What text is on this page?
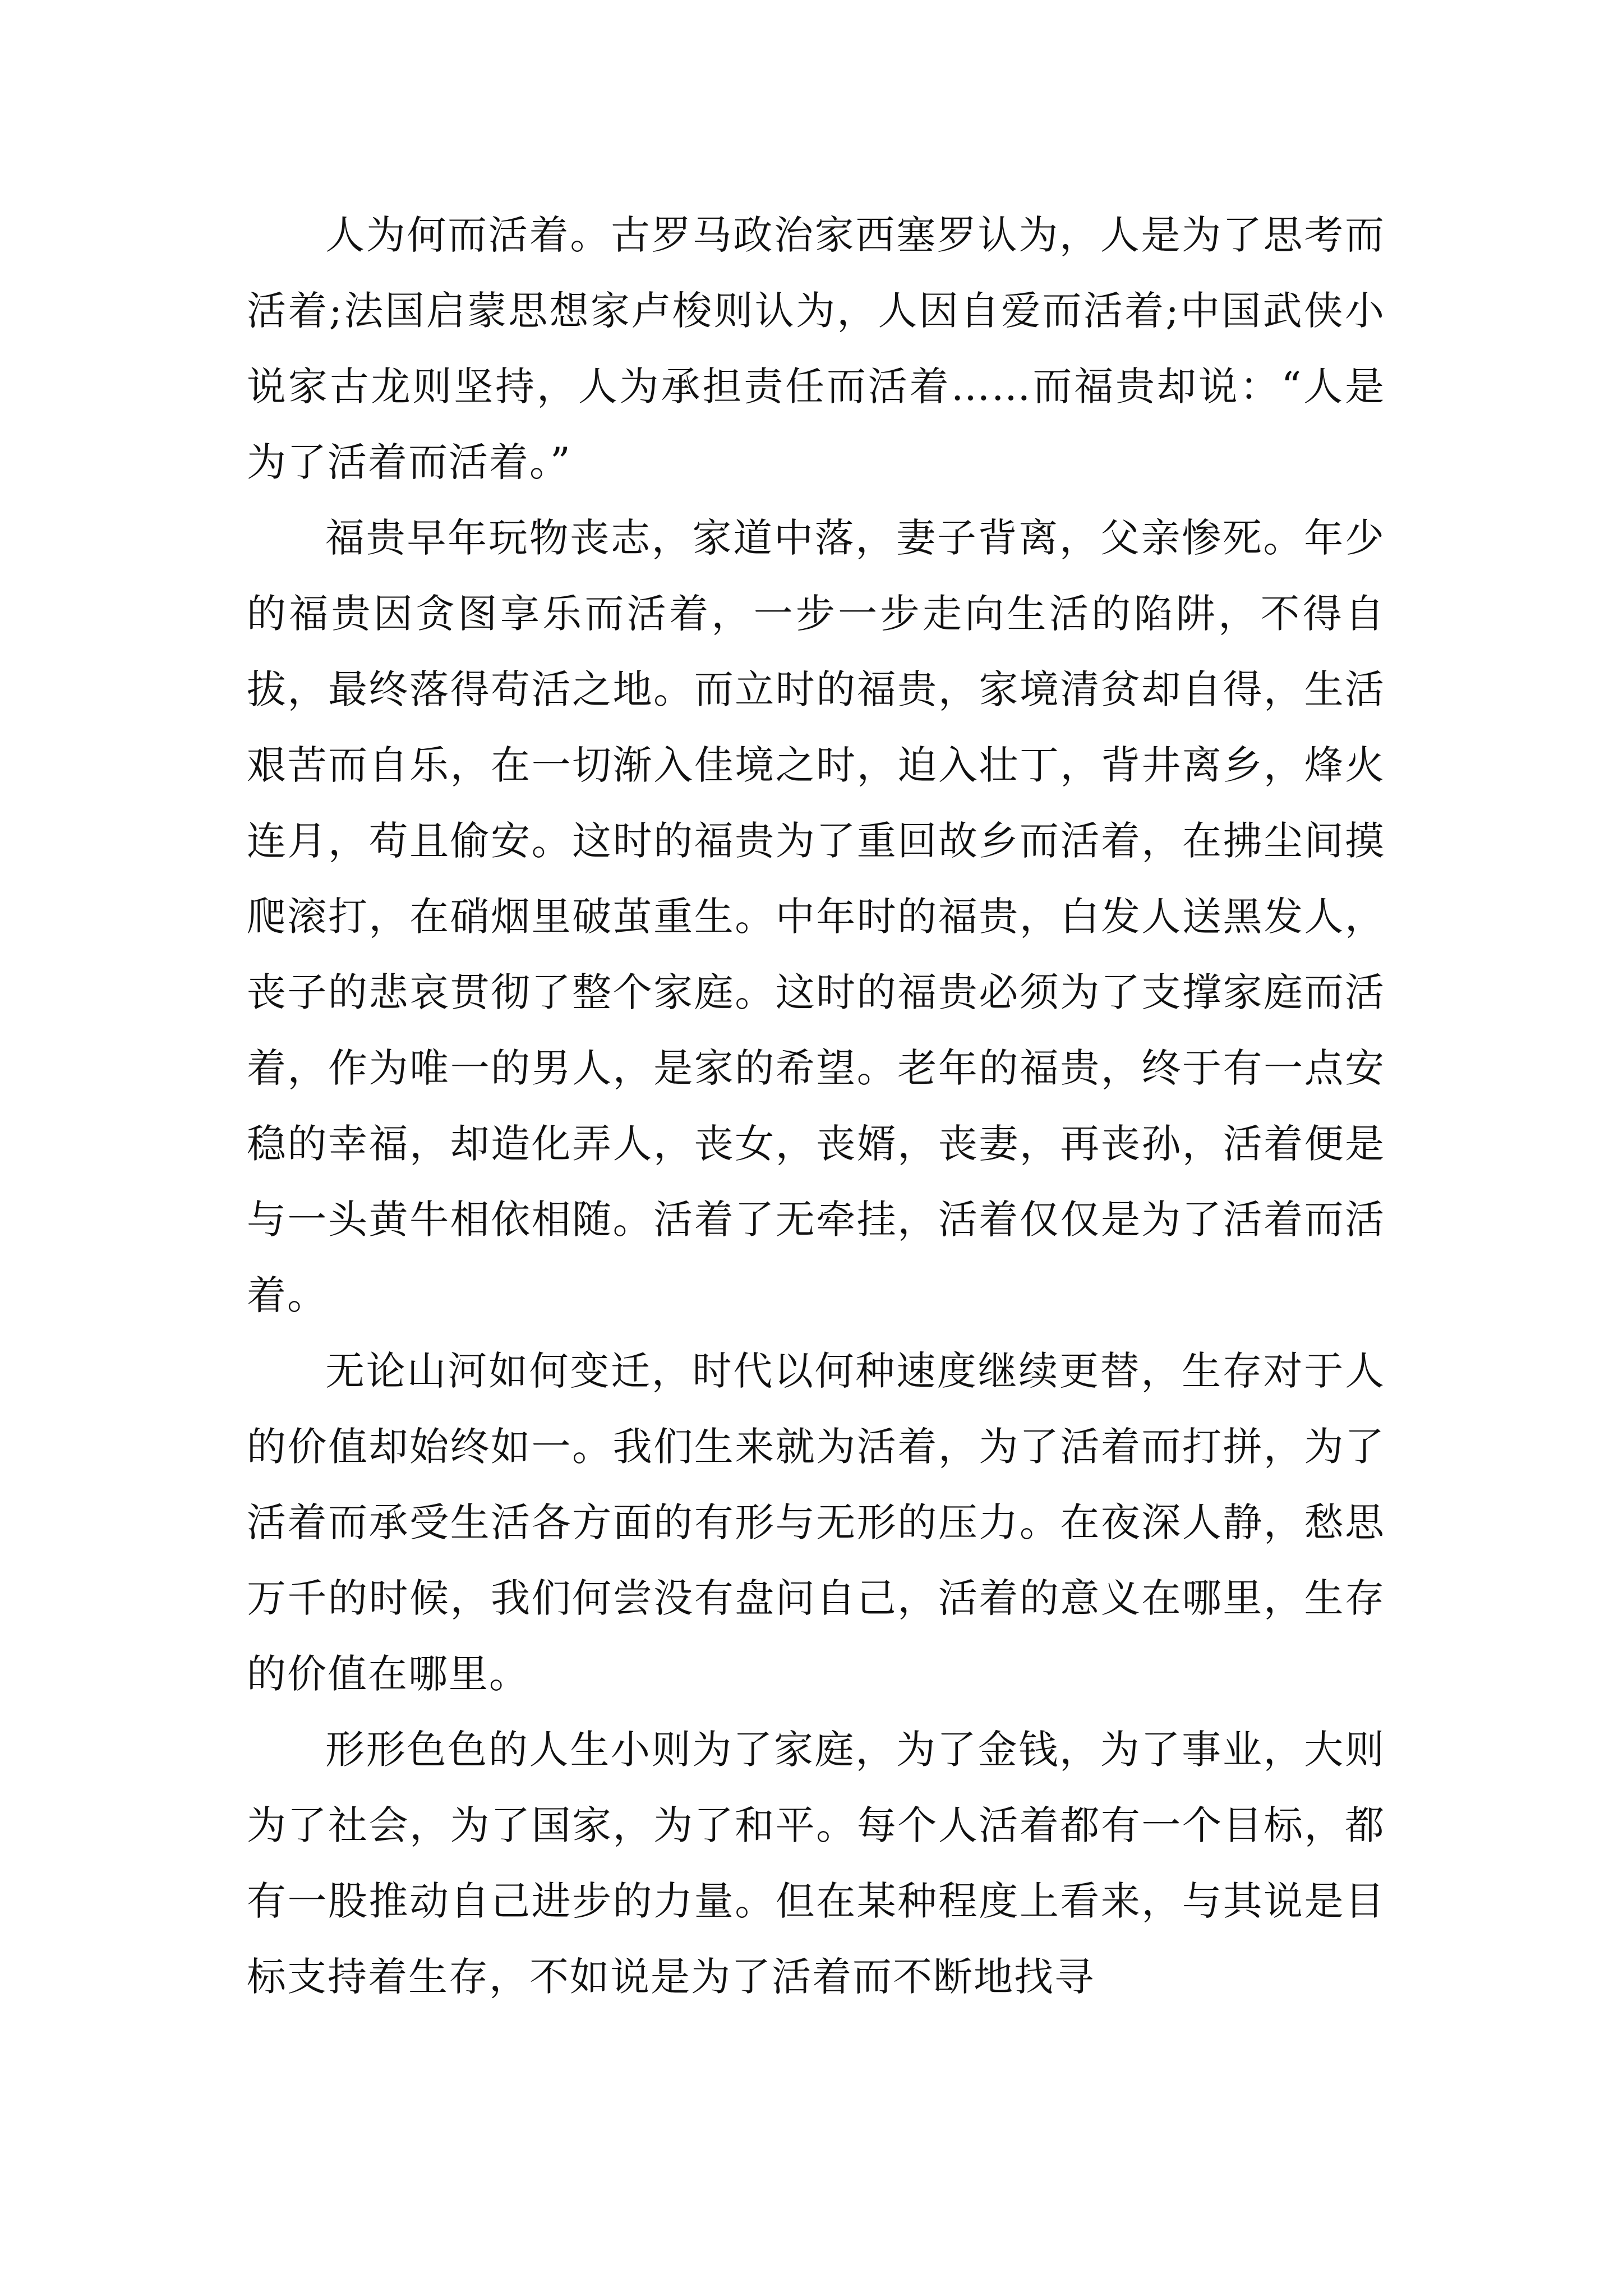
人为何而活着。古罗马政治家西塞罗认为，人是为了思考而活着;法国启蒙思想家卢梭则认为，人因自爱而活着;中国武侠小说家古龙则坚持，人为承担责任而活着……而福贵却说：“人是为了活着而活着。”

福贵早年玩物丧志，家道中落，妻子背离，父亲惨死。年少的福贵因贪图享乐而活着，一步一步走向生活的陷阱，不得自拔，最终落得苟活之地。而立时的福贵，家境清贫却自得，生活艰苦而自乐，在一切渐入佳境之时，迫入壮丁，背井离乡，烽火连月，苟且偷安。这时的福贵为了重回故乡而活着，在拂尘间摸爬滚打，在硝烟里破茧重生。中年时的福贵，白发人送黑发人，丧子的悲哀贯彻了整个家庭。这时的福贵必须为了支撑家庭而活着，作为唯一的男人，是家的希望。老年的福贵，终于有一点安稳的幸福，却造化弄人，丧女，丧婿，丧妻，再丧孙，活着便是与一头黄牛相依相随。活着了无牵挂，活着仅仅是为了活着而活着。

无论山河如何变迁，时代以何种速度继续更替，生存对于人的价值却始终如一。我们生来就为活着，为了活着而打拼，为了活着而承受生活各方面的有形与无形的压力。在夜深人静，愁思万千的时候，我们何尝没有盘问自己，活着的意义在哪里，生存的价值在哪里。

形形色色的人生小则为了家庭，为了金钱，为了事业，大则为了社会，为了国家，为了和平。每个人活着都有一个目标，都有一股推动自己进步的力量。但在某种程度上看来，与其说是目标支持着生存，不如说是为了活着而不断地找寻
